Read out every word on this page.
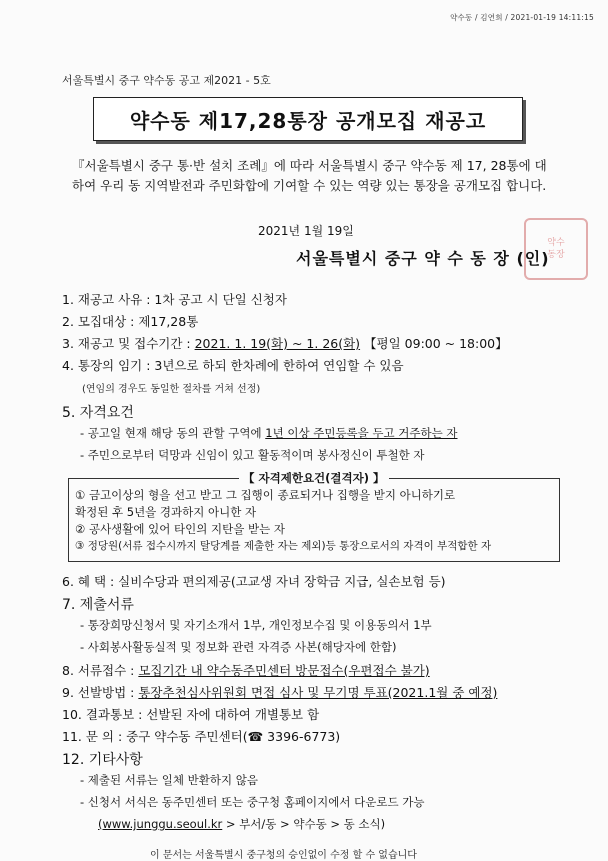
약수동 / 김연희 / 2021-01-19 14:11:15
서울특별시 중구 약수동 공고 제2021 - 5호
약수동 제17,28통장 공개모집 재공고
『서울특별시 중구 통·반 설치 조례』에 따라 서울특별시 중구 약수동 제 17, 28통에 대하여 우리 동 지역발전과 주민화합에 기여할 수 있는 역량 있는 통장을 공개모집 합니다.
2021년 1월 19일
서울특별시 중구 약 수 동 장 (인)
약수
동장
1. 재공고 사유 : 1차 공고 시 단일 신청자
2. 모집대상 : 제17,28통
3. 재공고 및 접수기간 : 2021. 1. 19(화) ~ 1. 26(화) 【평일 09:00 ~ 18:00】
4. 통장의 임기 : 3년으로 하되 한차례에 한하여 연임할 수 있음
(연임의 경우도 동일한 절차를 거쳐 선정)
5. 자격요건
- 공고일 현재 해당 동의 관할 구역에 1년 이상 주민등록을 두고 거주하는 자
- 주민으로부터 덕망과 신임이 있고 활동적이며 봉사정신이 투철한 자
【 자격제한요건(결격자) 】
① 금고이상의 형을 선고 받고 그 집행이 종료되거나 집행을 받지 아니하기로
확정된 후 5년을 경과하지 아니한 자
② 공사생활에 있어 타인의 지탄을 받는 자
③ 정당원(서류 접수시까지 탈당계를 제출한 자는 제외)등 통장으로서의 자격이 부적합한 자
6. 혜 택 : 실비수당과 편의제공(고교생 자녀 장학금 지급, 실손보험 등)
7. 제출서류
- 통장희망신청서 및 자기소개서 1부, 개인정보수집 및 이용동의서 1부
- 사회봉사활동실적 및 정보화 관련 자격증 사본(해당자에 한함)
8. 서류접수 : 모집기간 내 약수동주민센터 방문접수(우편접수 불가)
9. 선발방법 : 통장추천심사위원회 면접 심사 및 무기명 투표(2021.1월 중 예정)
10. 결과통보 : 선발된 자에 대하여 개별통보 함
11. 문 의 : 중구 약수동 주민센터(☎ 3396-6773)
12. 기타사항
- 제출된 서류는 일체 반환하지 않음
- 신청서 서식은 동주민센터 또는 중구청 홈페이지에서 다운로드 가능
(www.junggu.seoul.kr > 부서/동 > 약수동 > 동 소식)
이 문서는 서울특별시 중구청의 승인없이 수정 할 수 없습니다
